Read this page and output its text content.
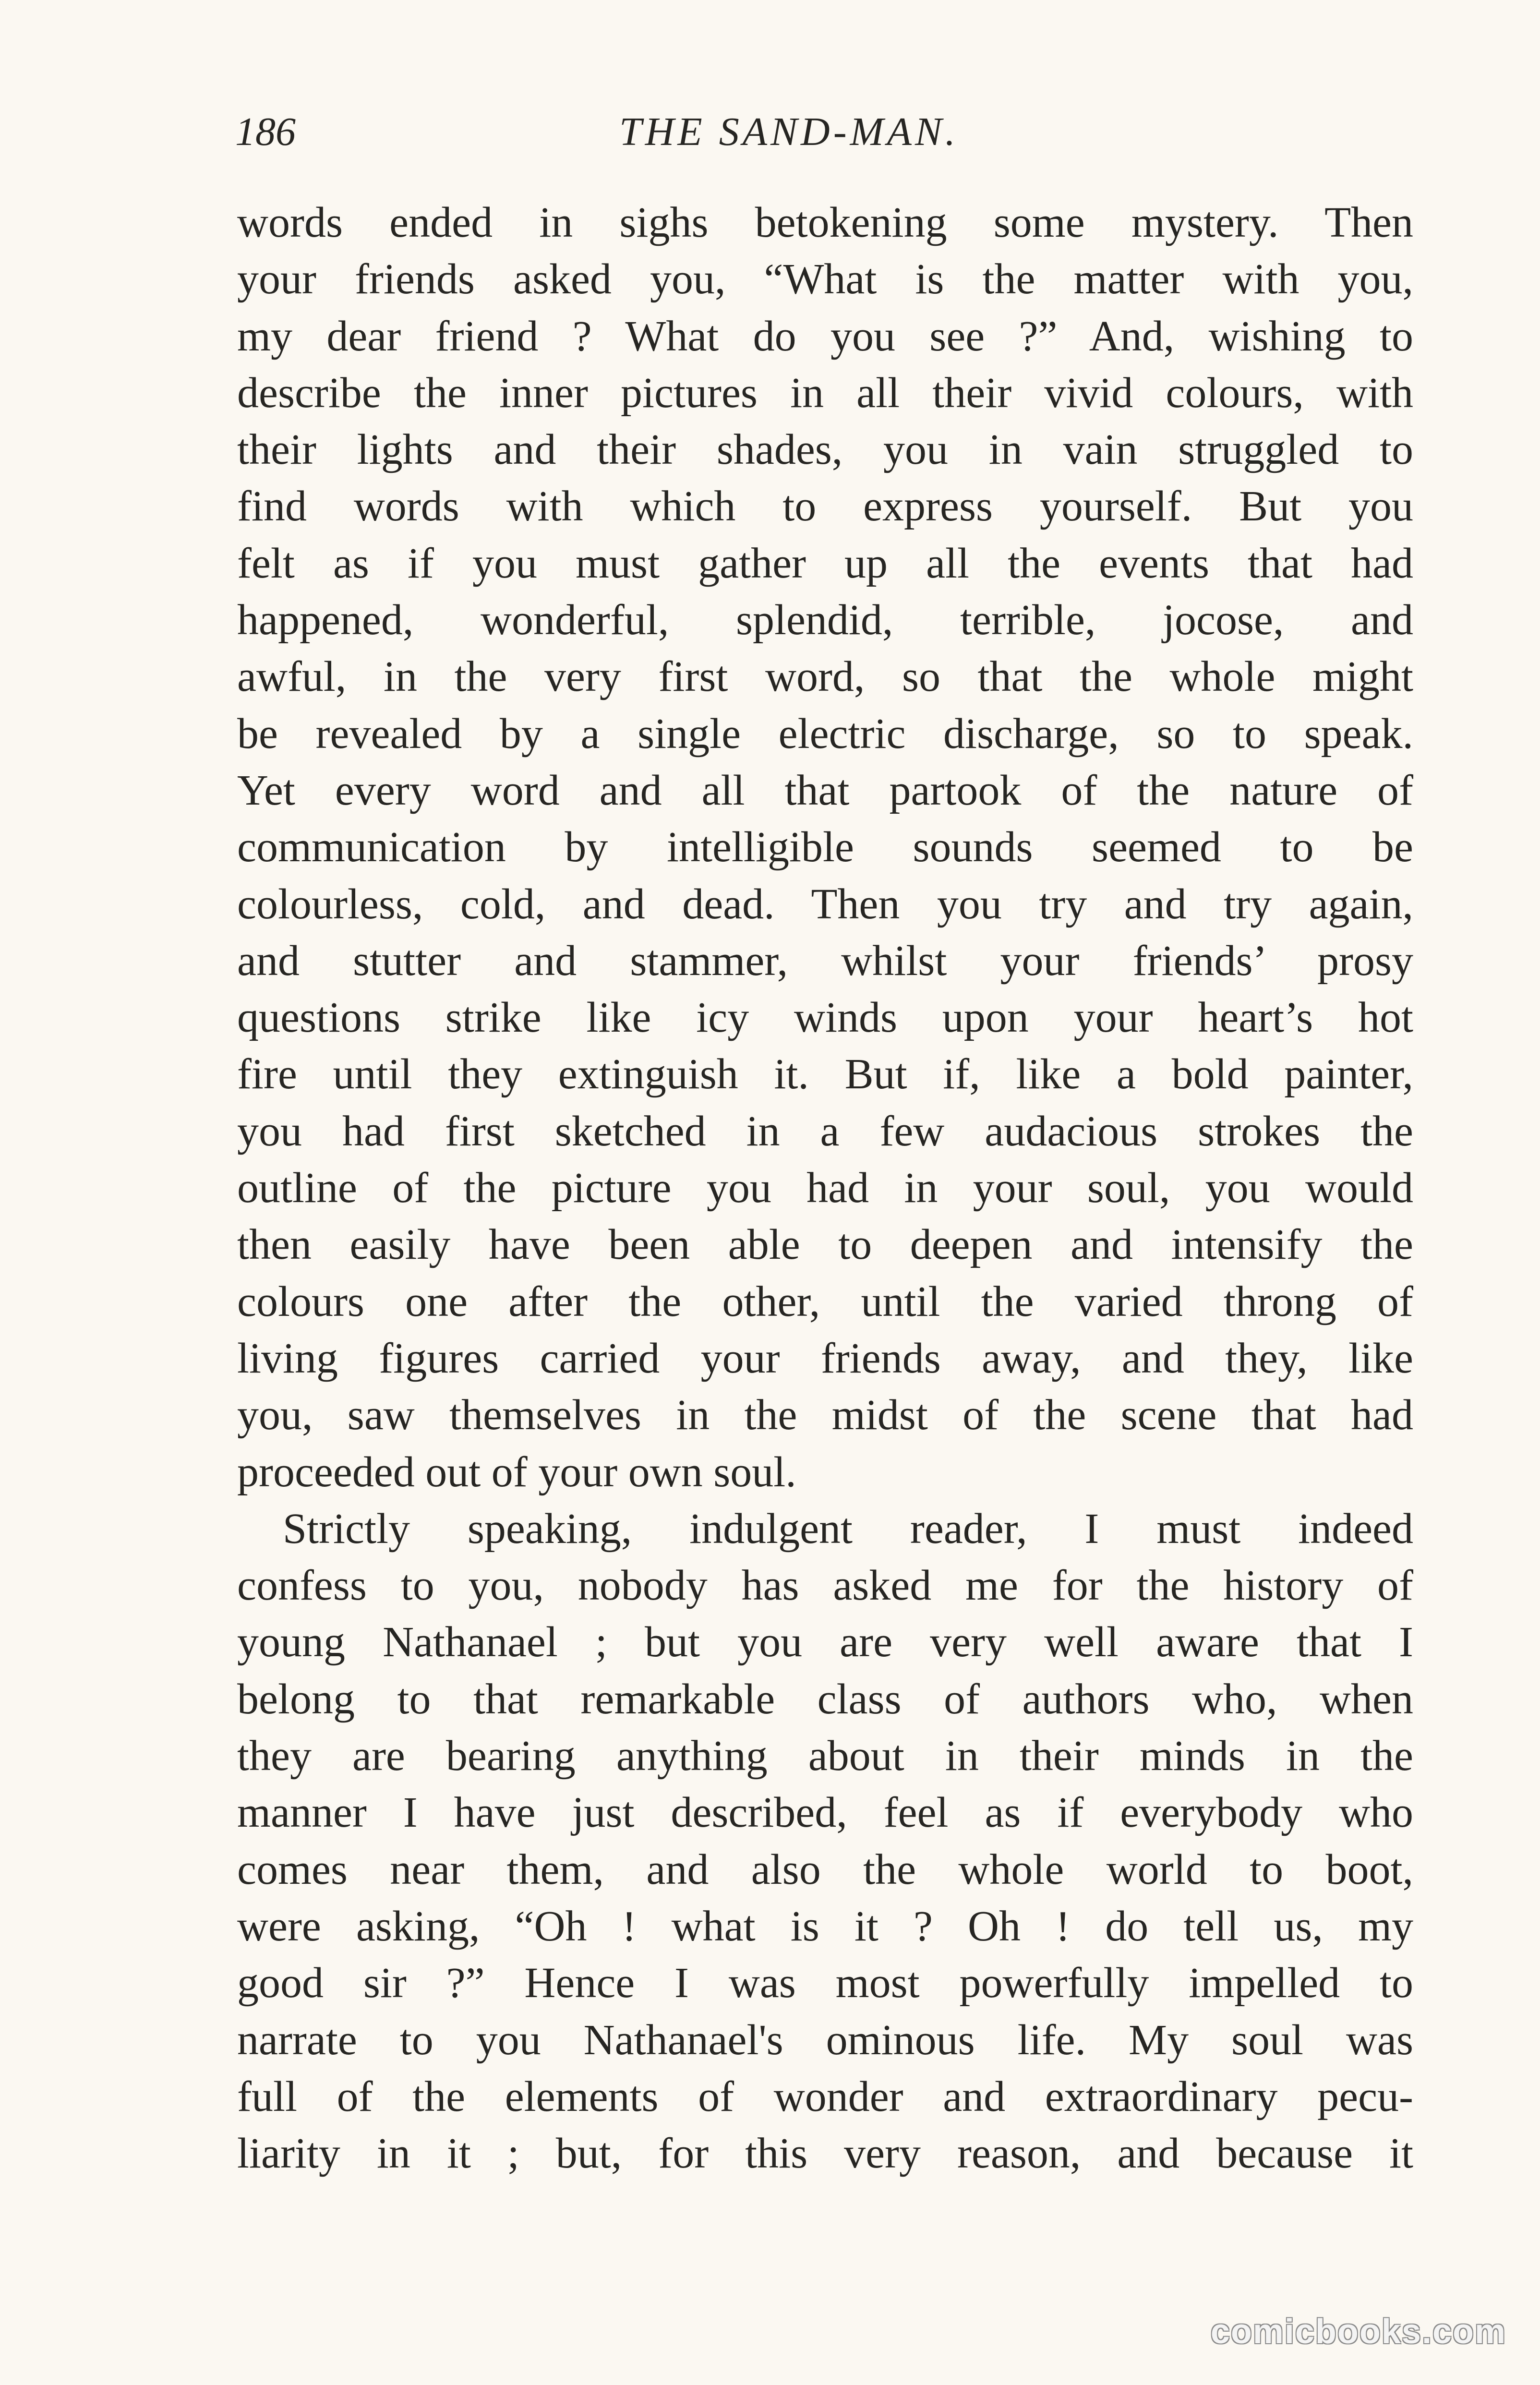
186	THE SAND-MAN.
words ended in sighs betokening some mystery. Then
your friends asked you, “What is the matter with you,
my dear friend ? What do you see ?” And, wishing to
describe the inner pictures in all their vivid colours, with
their lights and their shades, you in vain struggled to
find words with which to express yourself. But you
felt as if you must gather up all the events that had
happened, wonderful, splendid, terrible, jocose, and
awful, in the very first word, so that the whole might
be revealed by a single electric discharge, so to speak.
Yet every word and all that partook of the nature of
communication by intelligible sounds seemed to be
colourless, cold, and dead. Then you try and try again,
and stutter and stammer, whilst your friends’ prosy
questions strike like icy winds upon your heart’s hot
fire until they extinguish it. But if, like a bold painter,
you had first sketched in a few audacious strokes the
outline of the picture you had in your soul, you would
then easily have been able to deepen and intensify the
colours one after the other, until the varied throng of
living figures carried your friends away, and they, like
you, saw themselves in the midst of the scene that had
proceeded out of your own soul.
Strictly speaking, indulgent reader, I must indeed
confess to you, nobody has asked me for the history of
young Nathanael ; but you are very well aware that I
belong to that remarkable class of authors who, when
they are bearing anything about in their minds in the
manner I have just described, feel as if everybody who
comes near them, and also the whole world to boot,
were asking, “Oh ! what is it ? Oh ! do tell us, my
good sir ?” Hence I was most powerfully impelled to
narrate to you Nathanael's ominous life. My soul was
full of the elements of wonder and extraordinary pecu-
liarity in it ; but, for this very reason, and because it
comicbooks.com
